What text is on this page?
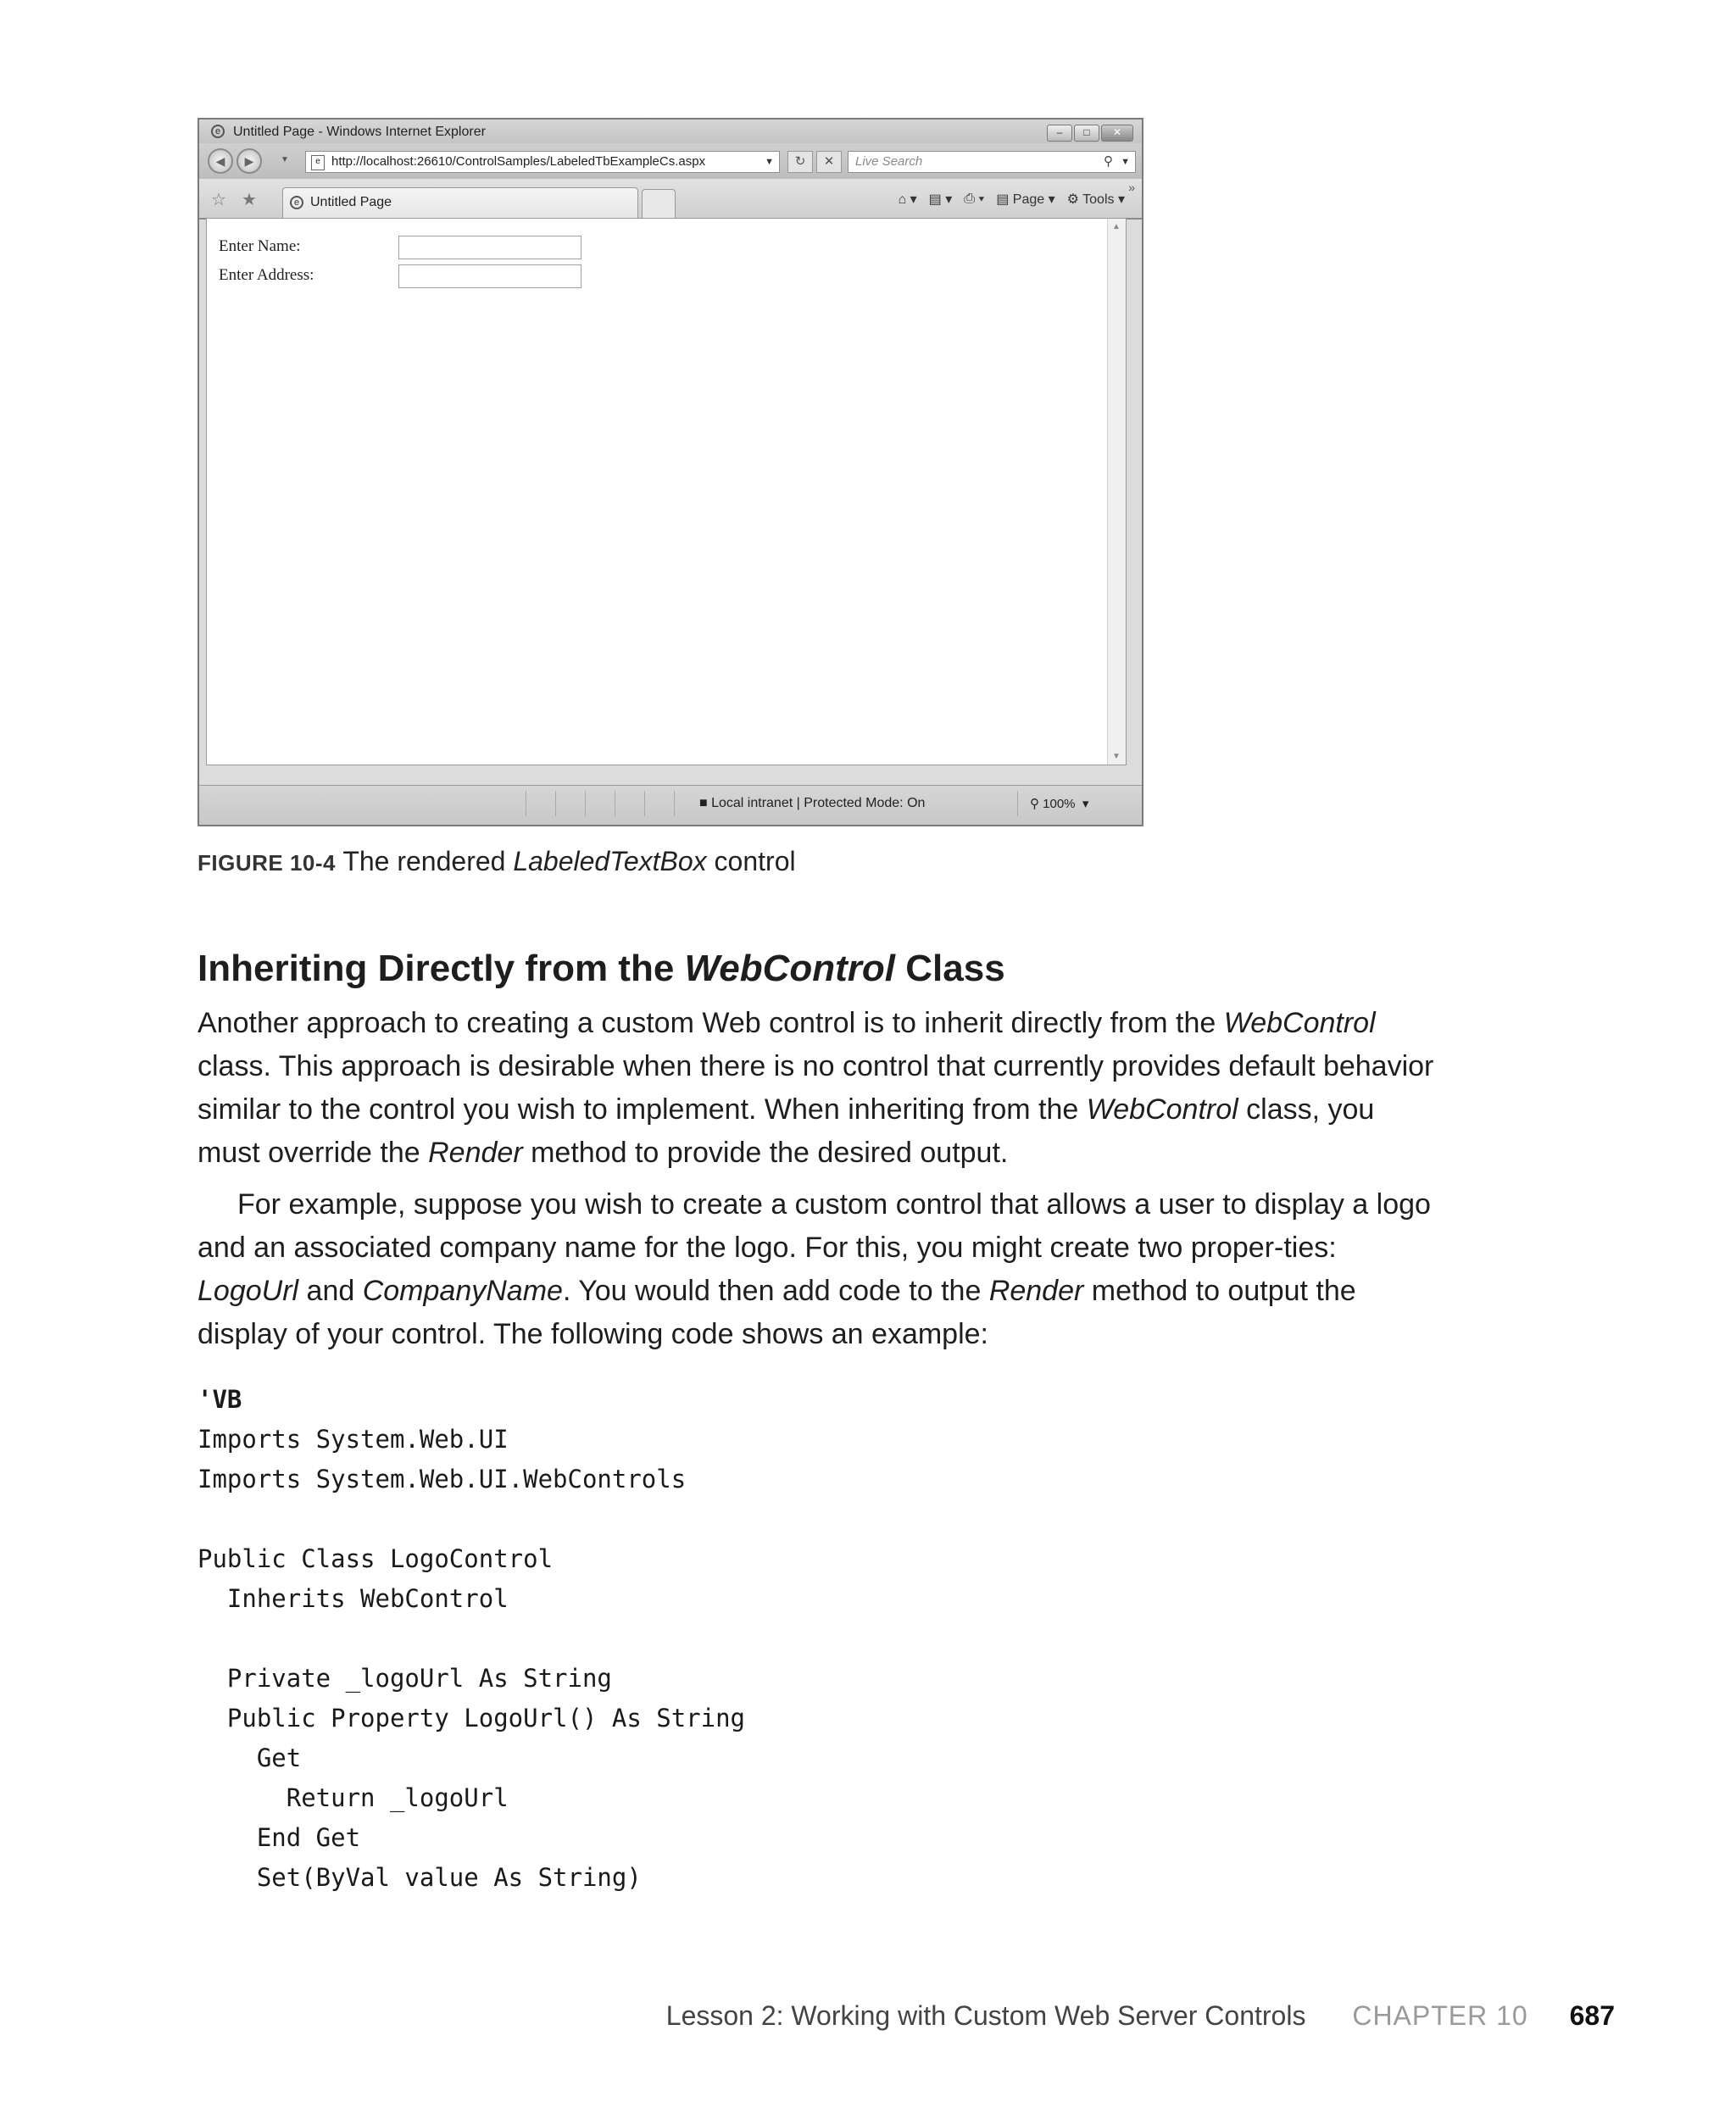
e Untitled Page - Windows Internet Explorer	–	□	✕
◀	▶	▼	e http://localhost:26610/ControlSamples/LabeledTbExampleCs.aspx	▼	↻	✕	Live Search	⚲ ▼
☆ ★	e Untitled Page	⌂ ▾ ▤ ▾ ⎙ ▾ ▤ Page ▾ ⚙ Tools ▾
»
Enter Name:
Enter Address:
▲
▼
■ Local intranet | Protected Mode: On	⚲ 100%  ▾
FIGURE 10-4 The rendered LabeledTextBox control
Inheriting Directly from the WebControl Class
Another approach to creating a custom Web control is to inherit directly from the WebControl class. This approach is desirable when there is no control that currently provides default behavior similar to the control you wish to implement. When inheriting from the WebControl class, you must override the Render method to provide the desired output.
For example, suppose you wish to create a custom control that allows a user to display a logo and an associated company name for the logo. For this, you might create two proper-ties: LogoUrl and CompanyName. You would then add code to the Render method to output the display of your control. The following code shows an example:
'VB
Imports System.Web.UI
Imports System.Web.UI.WebControls

Public Class LogoControl
Inherits WebControl

Private _logoUrl As String
Public Property LogoUrl() As String
Get
Return _logoUrl
End Get
Set(ByVal value As String)
Lesson 2: Working with Custom Web Server Controls CHAPTER 10 687
